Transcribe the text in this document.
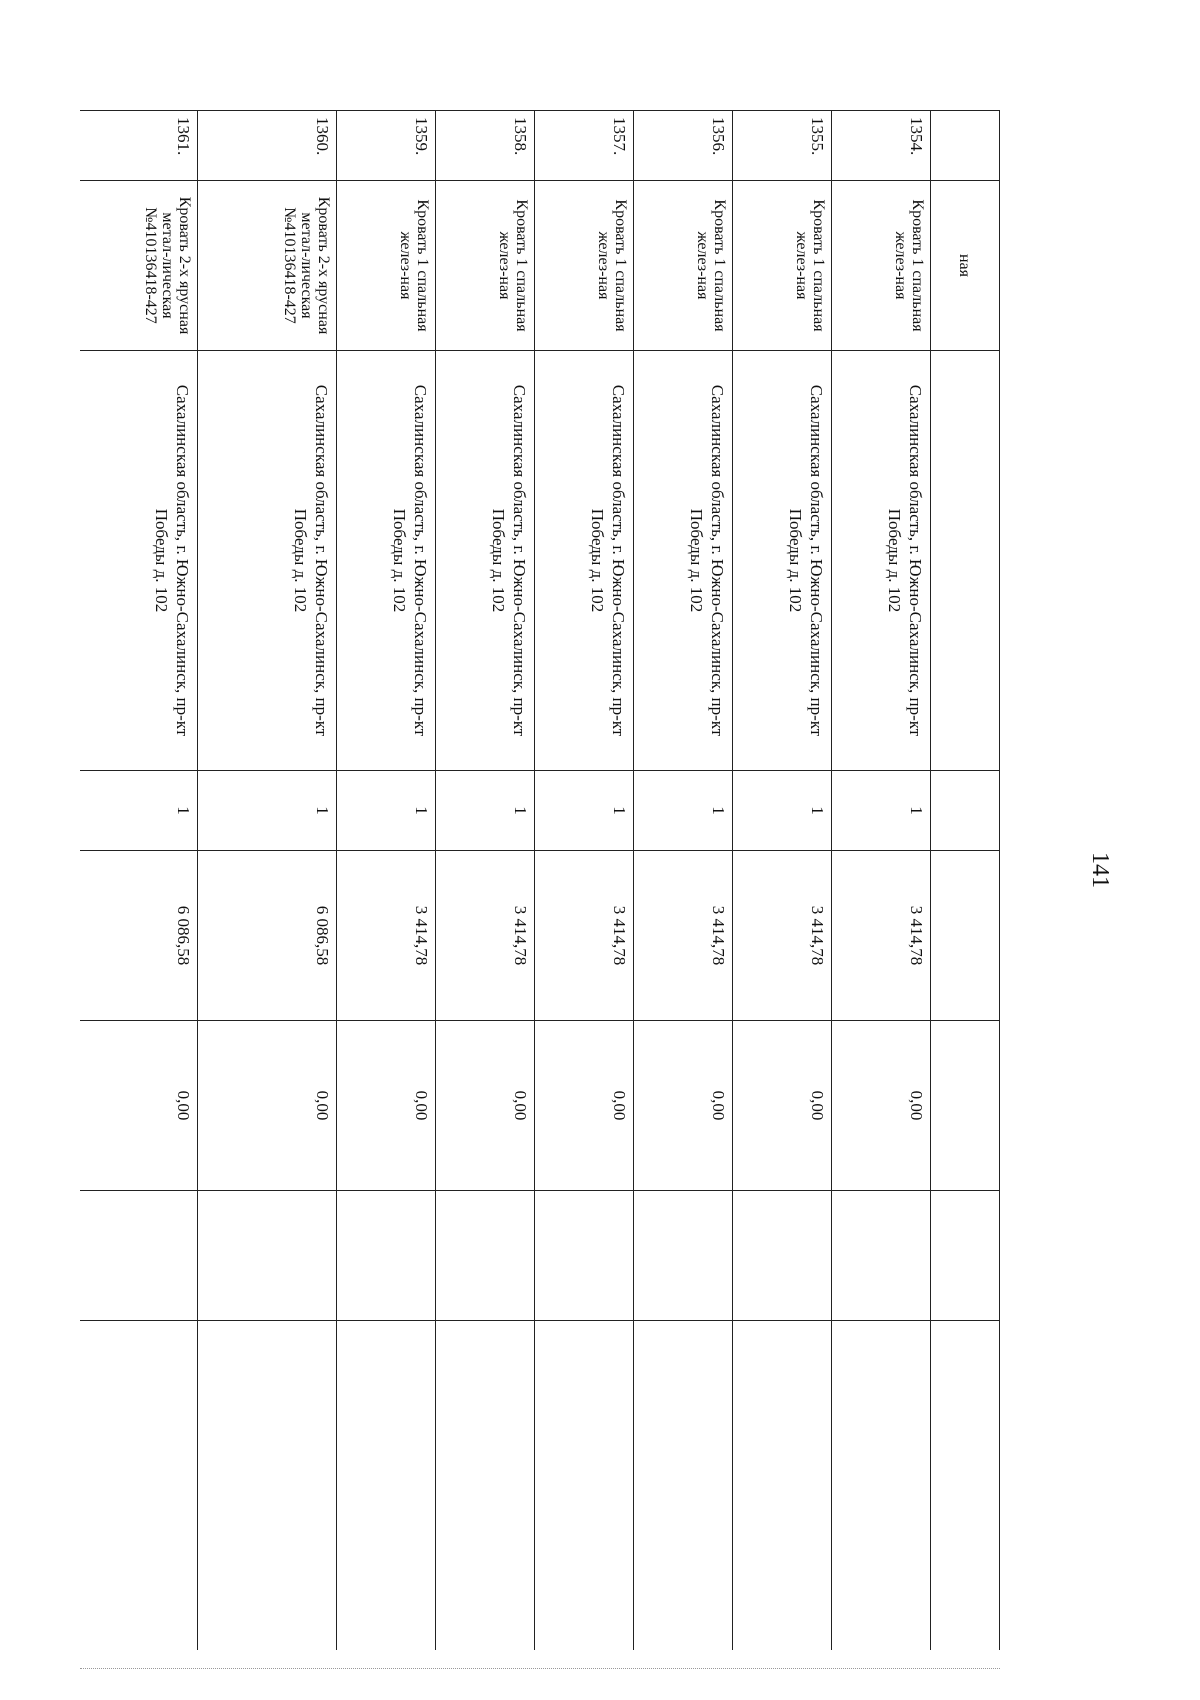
141
	ная						
1354.	Кровать 1 спальная желез-ная	Сахалинская область, г. Южно-Сахалинск, пр-кт Победы д. 102	1	3 414,78	0,00		
1355.	Кровать 1 спальная желез-ная	Сахалинская область, г. Южно-Сахалинск, пр-кт Победы д. 102	1	3 414,78	0,00		
1356.	Кровать 1 спальная желез-ная	Сахалинская область, г. Южно-Сахалинск, пр-кт Победы д. 102	1	3 414,78	0,00		
1357.	Кровать 1 спальная желез-ная	Сахалинская область, г. Южно-Сахалинск, пр-кт Победы д. 102	1	3 414,78	0,00		
1358.	Кровать 1 спальная желез-ная	Сахалинская область, г. Южно-Сахалинск, пр-кт Победы д. 102	1	3 414,78	0,00		
1359.	Кровать 1 спальная желез-ная	Сахалинская область, г. Южно-Сахалинск, пр-кт Победы д. 102	1	3 414,78	0,00		
1360.	Кровать 2-х ярусная метал-лическая №410136418-427	Сахалинская область, г. Южно-Сахалинск, пр-кт Победы д. 102	1	6 086,58	0,00		
1361.	Кровать 2-х ярусная метал-лическая №410136418-427	Сахалинская область, г. Южно-Сахалинск, пр-кт Победы д. 102	1	6 086,58	0,00		
